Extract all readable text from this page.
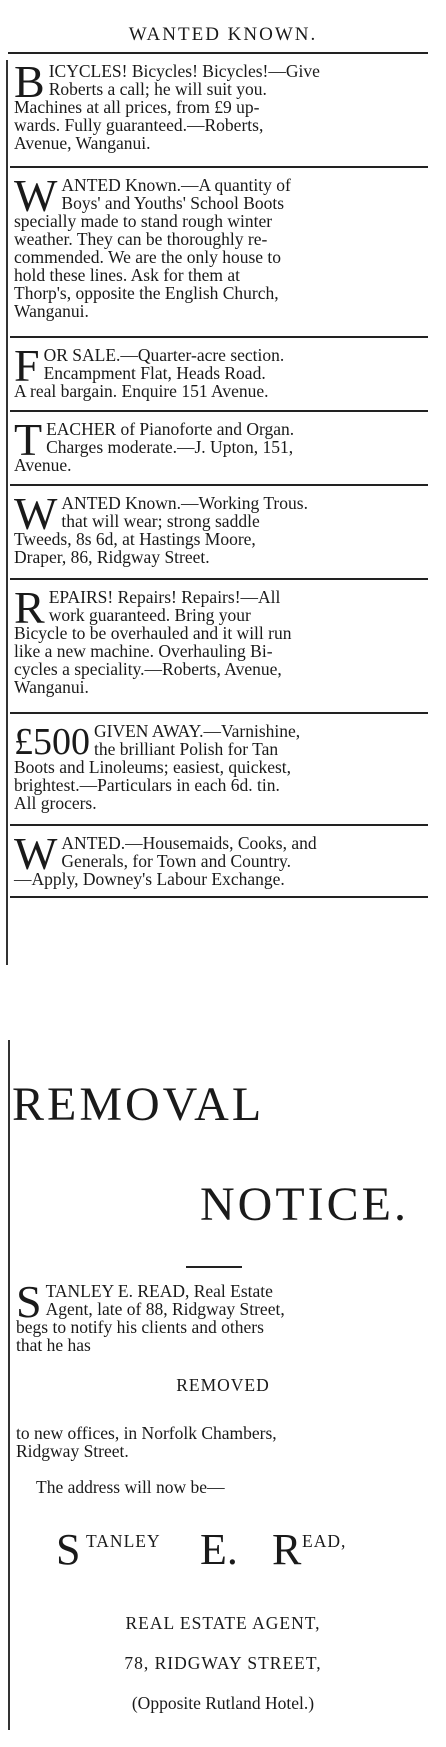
WANTED KNOWN.
B ICYCLES! Bicycles! Bicycles!—Give

Roberts a call; he will suit you.

Machines at all prices, from £9 up-

wards. Fully guaranteed.—Roberts,

Avenue, Wanganui.

W ANTED Known.—A quantity of

Boys' and Youths' School Boots

specially made to stand rough winter

weather. They can be thoroughly re-

commended. We are the only house to

hold these lines. Ask for them at

Thorp's, opposite the English Church,

Wanganui.

F OR SALE.—Quarter-acre section.

Encampment Flat, Heads Road.

A real bargain. Enquire 151 Avenue.

T EACHER of Pianoforte and Organ.

Charges moderate.—J. Upton, 151,

Avenue.

W ANTED Known.—Working Trous.

that will wear; strong saddle

Tweeds, 8s 6d, at Hastings Moore,

Draper, 86, Ridgway Street.

R EPAIRS! Repairs! Repairs!—All

work guaranteed. Bring your

Bicycle to be overhauled and it will run

like a new machine. Overhauling Bi-

cycles a speciality.—Roberts, Avenue,

Wanganui.

£500 GIVEN AWAY.—Varnishine,

the brilliant Polish for Tan

Boots and Linoleums; easiest, quickest,

brightest.—Particulars in each 6d. tin.

All grocers.

W ANTED.—Housemaids, Cooks, and

Generals, for Town and Country.

—Apply, Downey's Labour Exchange.

REMOVAL
NOTICE.
S TANLEY E. READ, Real Estate

Agent, late of 88, Ridgway Street,

begs to notify his clients and others

that he has

REMOVED
to new offices, in Norfolk Chambers,
Ridgway Street.
The address will now be—
S TANLEY E. R EAD,
REAL ESTATE AGENT,
78, RIDGWAY STREET,
(Opposite Rutland Hotel.)
